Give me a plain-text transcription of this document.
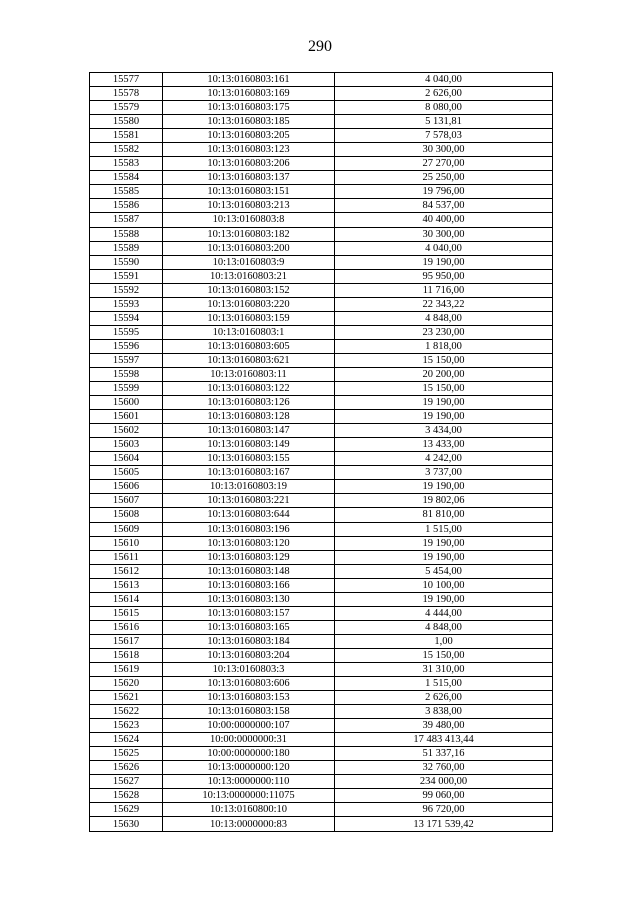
290
15577	10:13:0160803:161	4 040,00
15578	10:13:0160803:169	2 626,00
15579	10:13:0160803:175	8 080,00
15580	10:13:0160803:185	5 131,81
15581	10:13:0160803:205	7 578,03
15582	10:13:0160803:123	30 300,00
15583	10:13:0160803:206	27 270,00
15584	10:13:0160803:137	25 250,00
15585	10:13:0160803:151	19 796,00
15586	10:13:0160803:213	84 537,00
15587	10:13:0160803:8	40 400,00
15588	10:13:0160803:182	30 300,00
15589	10:13:0160803:200	4 040,00
15590	10:13:0160803:9	19 190,00
15591	10:13:0160803:21	95 950,00
15592	10:13:0160803:152	11 716,00
15593	10:13:0160803:220	22 343,22
15594	10:13:0160803:159	4 848,00
15595	10:13:0160803:1	23 230,00
15596	10:13:0160803:605	1 818,00
15597	10:13:0160803:621	15 150,00
15598	10:13:0160803:11	20 200,00
15599	10:13:0160803:122	15 150,00
15600	10:13:0160803:126	19 190,00
15601	10:13:0160803:128	19 190,00
15602	10:13:0160803:147	3 434,00
15603	10:13:0160803:149	13 433,00
15604	10:13:0160803:155	4 242,00
15605	10:13:0160803:167	3 737,00
15606	10:13:0160803:19	19 190,00
15607	10:13:0160803:221	19 802,06
15608	10:13:0160803:644	81 810,00
15609	10:13:0160803:196	1 515,00
15610	10:13:0160803:120	19 190,00
15611	10:13:0160803:129	19 190,00
15612	10:13:0160803:148	5 454,00
15613	10:13:0160803:166	10 100,00
15614	10:13:0160803:130	19 190,00
15615	10:13:0160803:157	4 444,00
15616	10:13:0160803:165	4 848,00
15617	10:13:0160803:184	1,00
15618	10:13:0160803:204	15 150,00
15619	10:13:0160803:3	31 310,00
15620	10:13:0160803:606	1 515,00
15621	10:13:0160803:153	2 626,00
15622	10:13:0160803:158	3 838,00
15623	10:00:0000000:107	39 480,00
15624	10:00:0000000:31	17 483 413,44
15625	10:00:0000000:180	51 337,16
15626	10:13:0000000:120	32 760,00
15627	10:13:0000000:110	234 000,00
15628	10:13:0000000:11075	99 060,00
15629	10:13:0160800:10	96 720,00
15630	10:13:0000000:83	13 171 539,42
